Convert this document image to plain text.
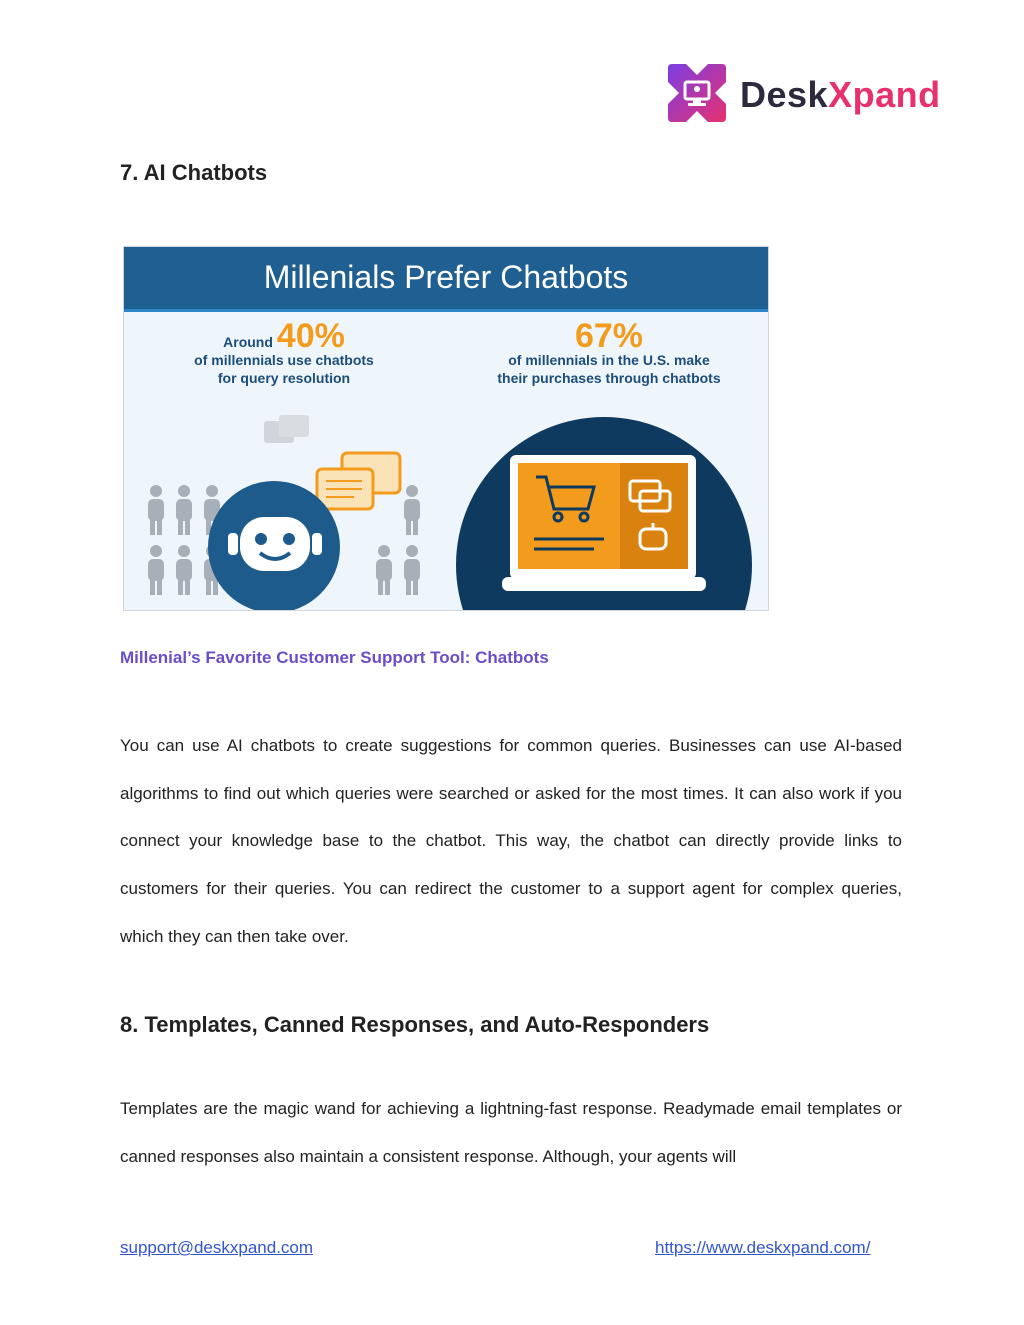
DeskXpand
7. AI Chatbots
Millenials Prefer Chatbots
Around 40%
of millennials use chatbots
for query resolution
67%
of millennials in the U.S. make
their purchases through chatbots
Millenial’s Favorite Customer Support Tool: Chatbots
You can use AI chatbots to create suggestions for common queries. Businesses can use AI-based algorithms to find out which queries were searched or asked for the most times. It can also work if you connect your knowledge base to the chatbot. This way, the chatbot can directly provide links to customers for their queries. You can redirect the customer to a support agent for complex queries, which they can then take over.
8. Templates, Canned Responses, and Auto-Responders
Templates are the magic wand for achieving a lightning-fast response. Readymade email templates or canned responses also maintain a consistent response. Although, your agents will
support@deskxpand.com	https://www.deskxpand.com/
